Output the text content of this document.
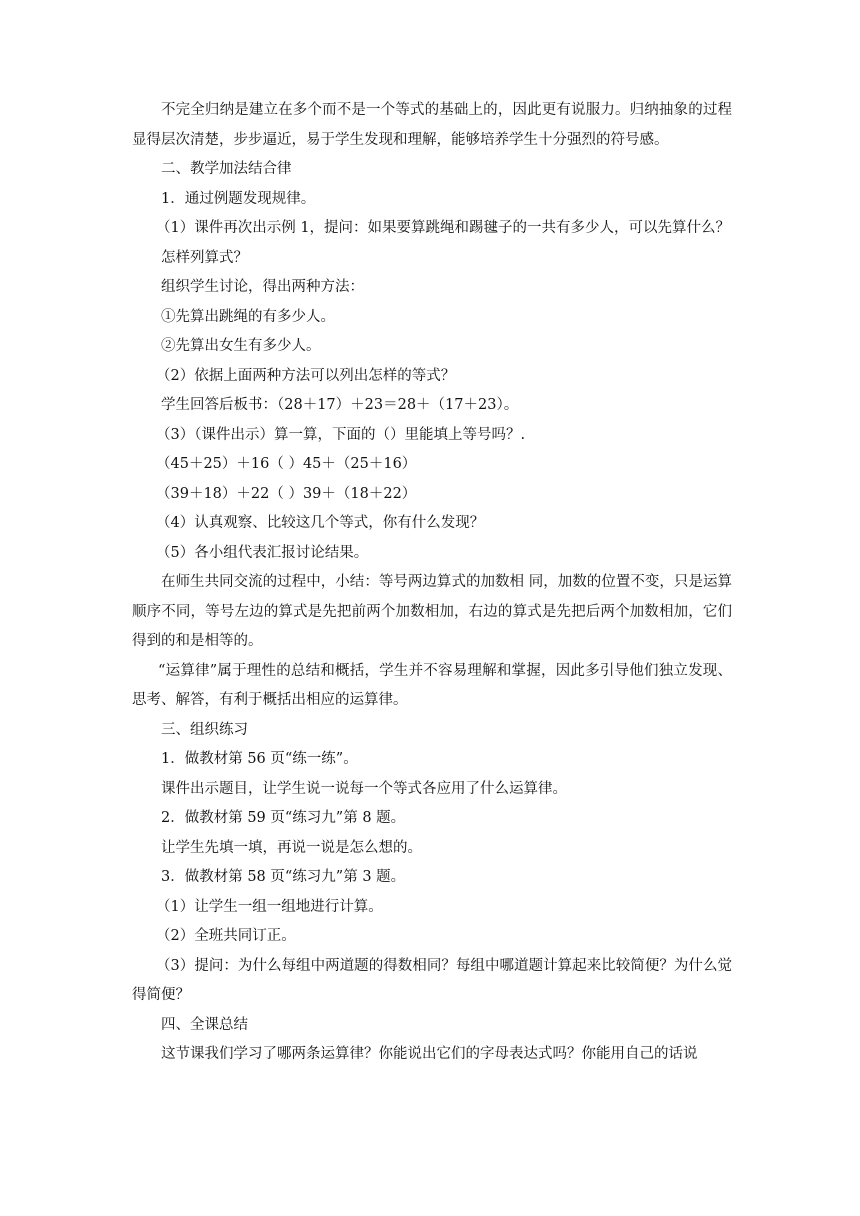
不完全归纳是建立在多个而不是一个等式的基础上的，因此更有说服力。归纳抽象的过程显得层次清楚，步步逼近，易于学生发现和理解，能够培养学生十分强烈的符号感。

二、教学加法结合律

1．通过例题发现规律。

（1）课件再次出示例 1，提问：如果要算跳绳和踢毽子的一共有多少人，可以先算什么？

怎样列算式？

组织学生讨论，得出两种方法：

①先算出跳绳的有多少人。

②先算出女生有多少人。

（2）依据上面两种方法可以列出怎样的等式？

学生回答后板书：（28＋17）＋23＝28＋（17＋23）。

（3）（课件出示）算一算，下面的（）里能填上等号吗？.

（45＋25）＋16（ ）45＋（25＋16）

（39＋18）＋22（ ）39＋（18＋22）

（4）认真观察、比较这几个等式，你有什么发现？

（5）各小组代表汇报讨论结果。

在师生共同交流的过程中，小结：等号两边算式的加数相 同，加数的位置不变，只是运算顺序不同，等号左边的算式是先把前两个加数相加，右边的算式是先把后两个加数相加，它们得到的和是相等的。

“运算律”属于理性的总结和概括，学生并不容易理解和掌握，因此多引导他们独立发现、思考、解答，有利于概括出相应的运算律。

三、组织练习

1．做教材第 56 页“练一练”。

课件出示题目，让学生说一说每一个等式各应用了什么运算律。

2．做教材第 59 页“练习九”第 8 题。

让学生先填一填，再说一说是怎么想的。

3．做教材第 58 页“练习九”第 3 题。

（1）让学生一组一组地进行计算。

（2）全班共同订正。

（3）提问：为什么每组中两道题的得数相同？每组中哪道题计算起来比较简便？为什么觉得简便？

四、全课总结

这节课我们学习了哪两条运算律？你能说出它们的字母表达式吗？你能用自己的话说
